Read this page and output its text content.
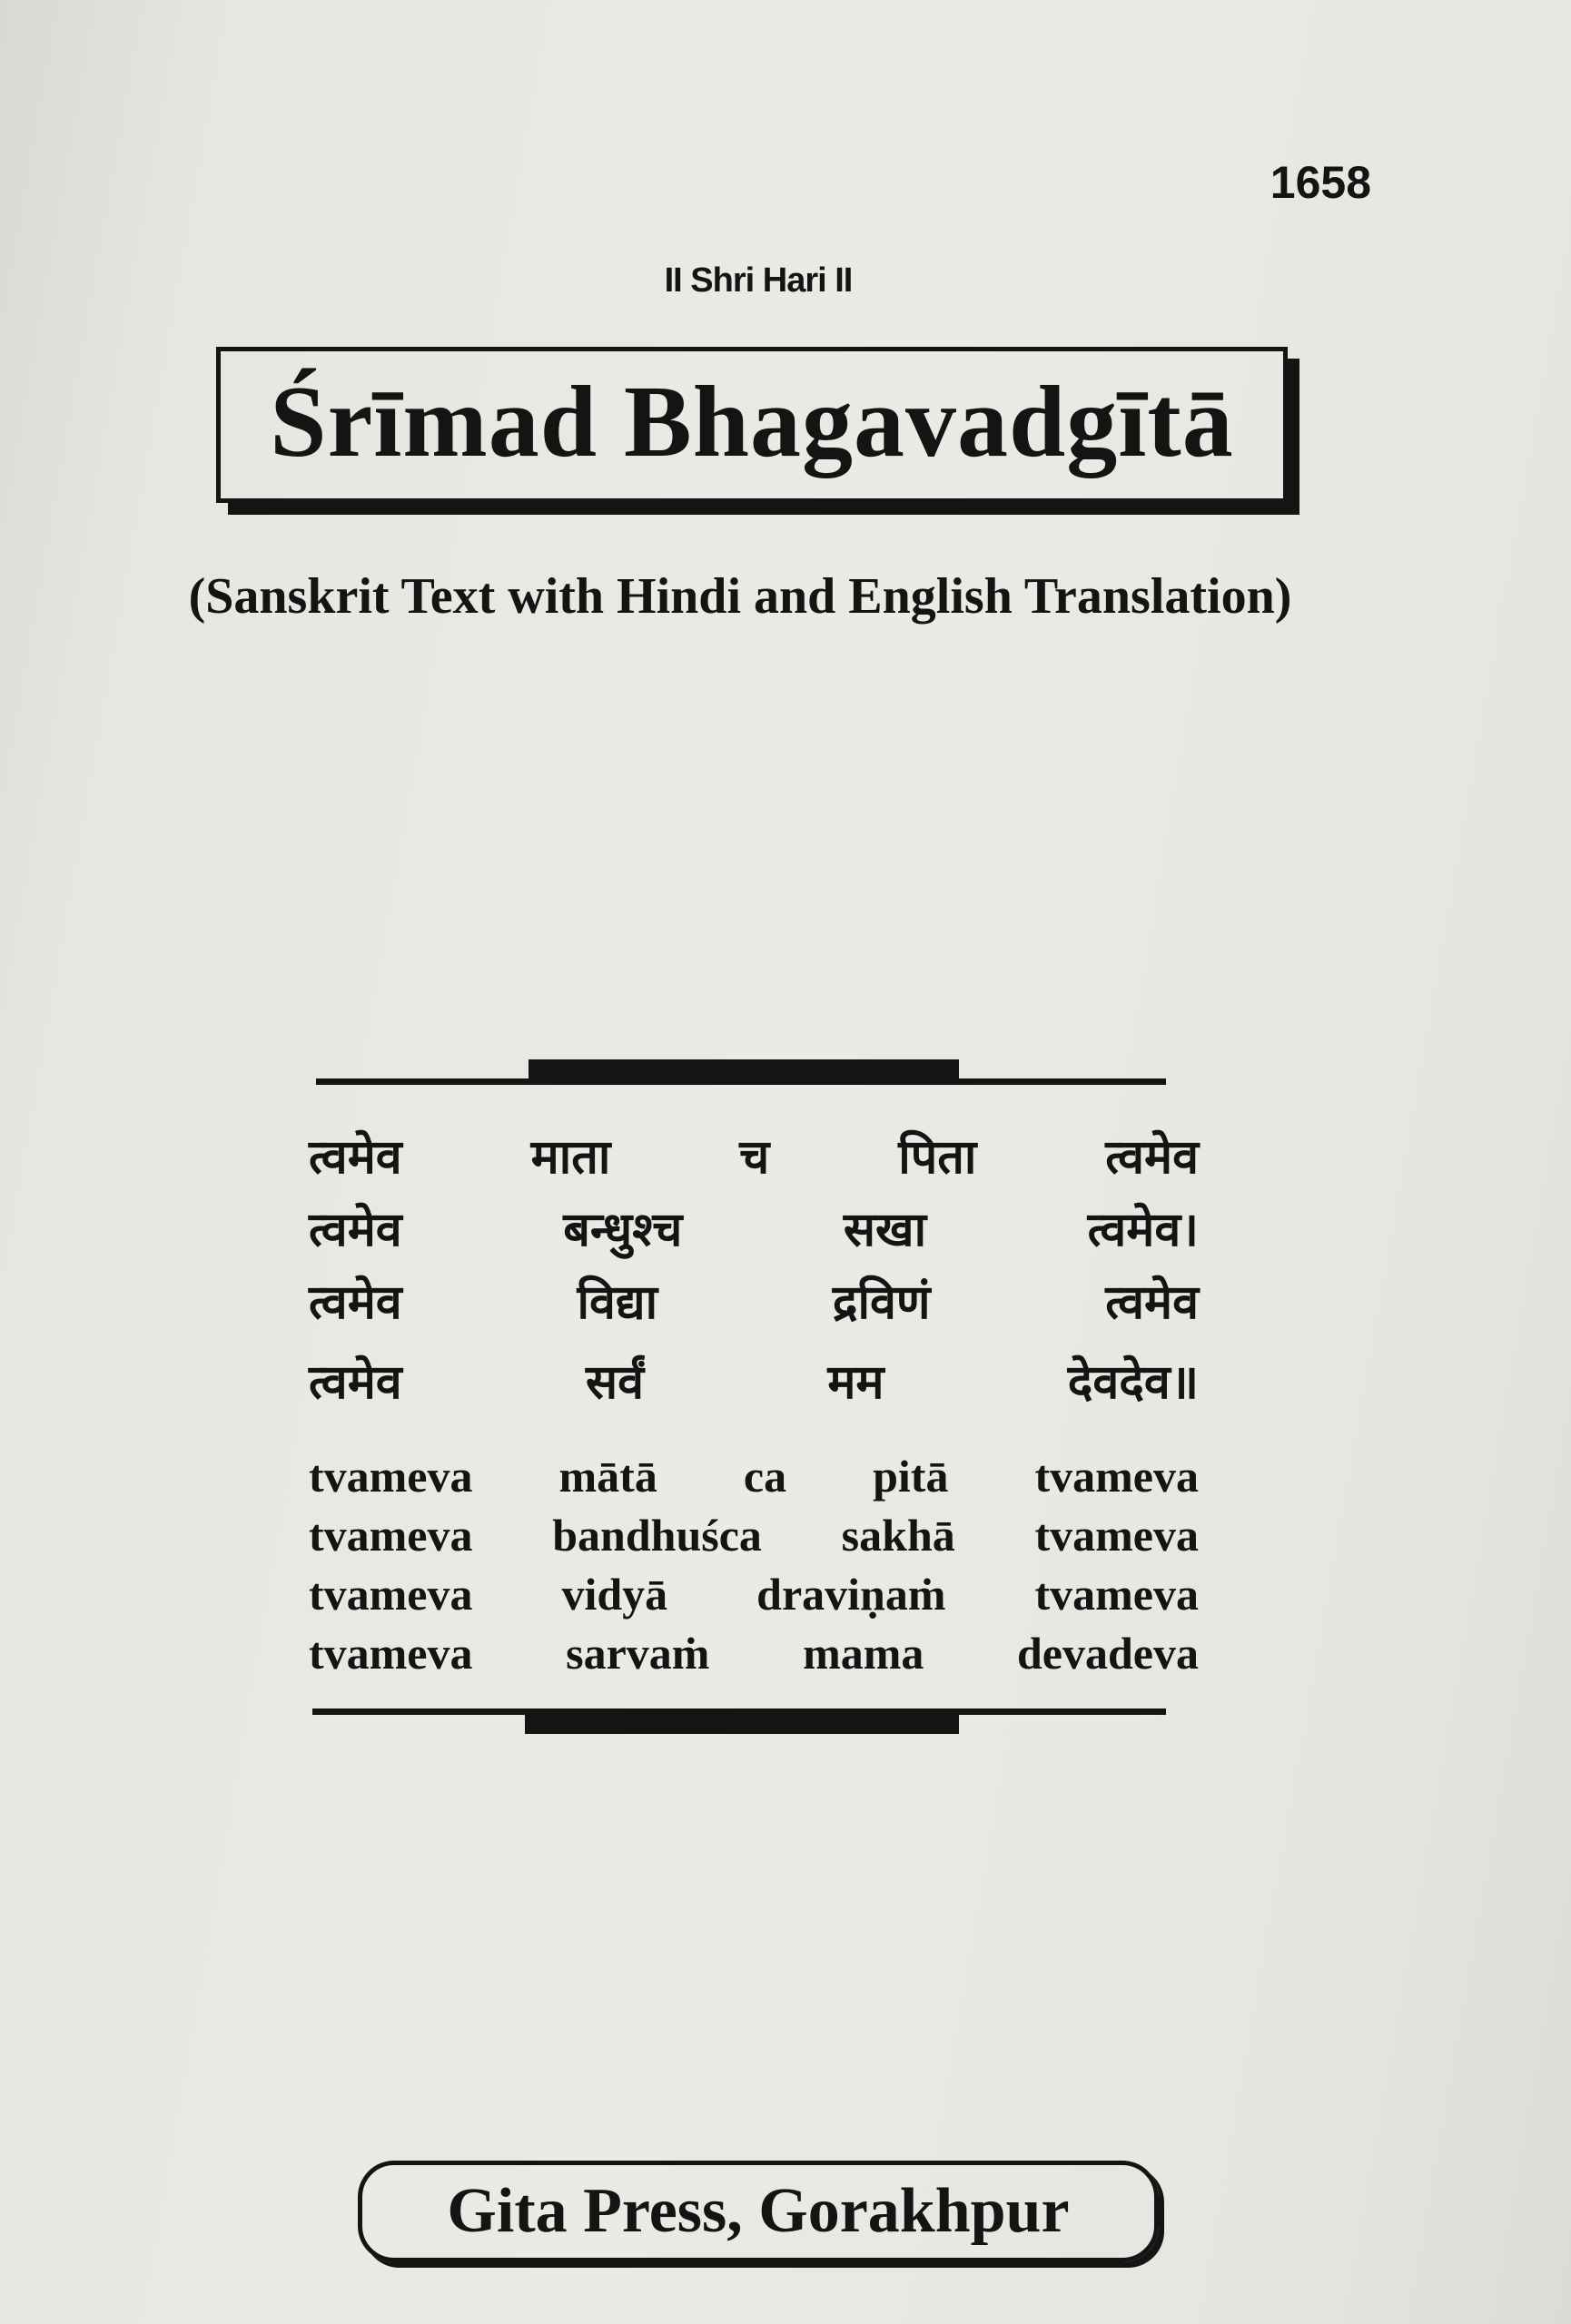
1658
II Shri Hari II
Śrīmad Bhagavadgītā
(Sanskrit Text with Hindi and English Translation)
त्वमेव	माता	च	पिता	त्वमेव
त्वमेव	बन्धुश्च	सखा	त्वमेव।
त्वमेव	विद्या	द्रविणं	त्वमेव
त्वमेव	सर्वं	मम	देवदेव॥
tvameva mātā ca pitā tvameva
tvameva bandhuśca sakhā tvameva
tvameva vidyā draviṇaṁ tvameva
tvameva sarvaṁ mama devadeva
Gita Press, Gorakhpur
